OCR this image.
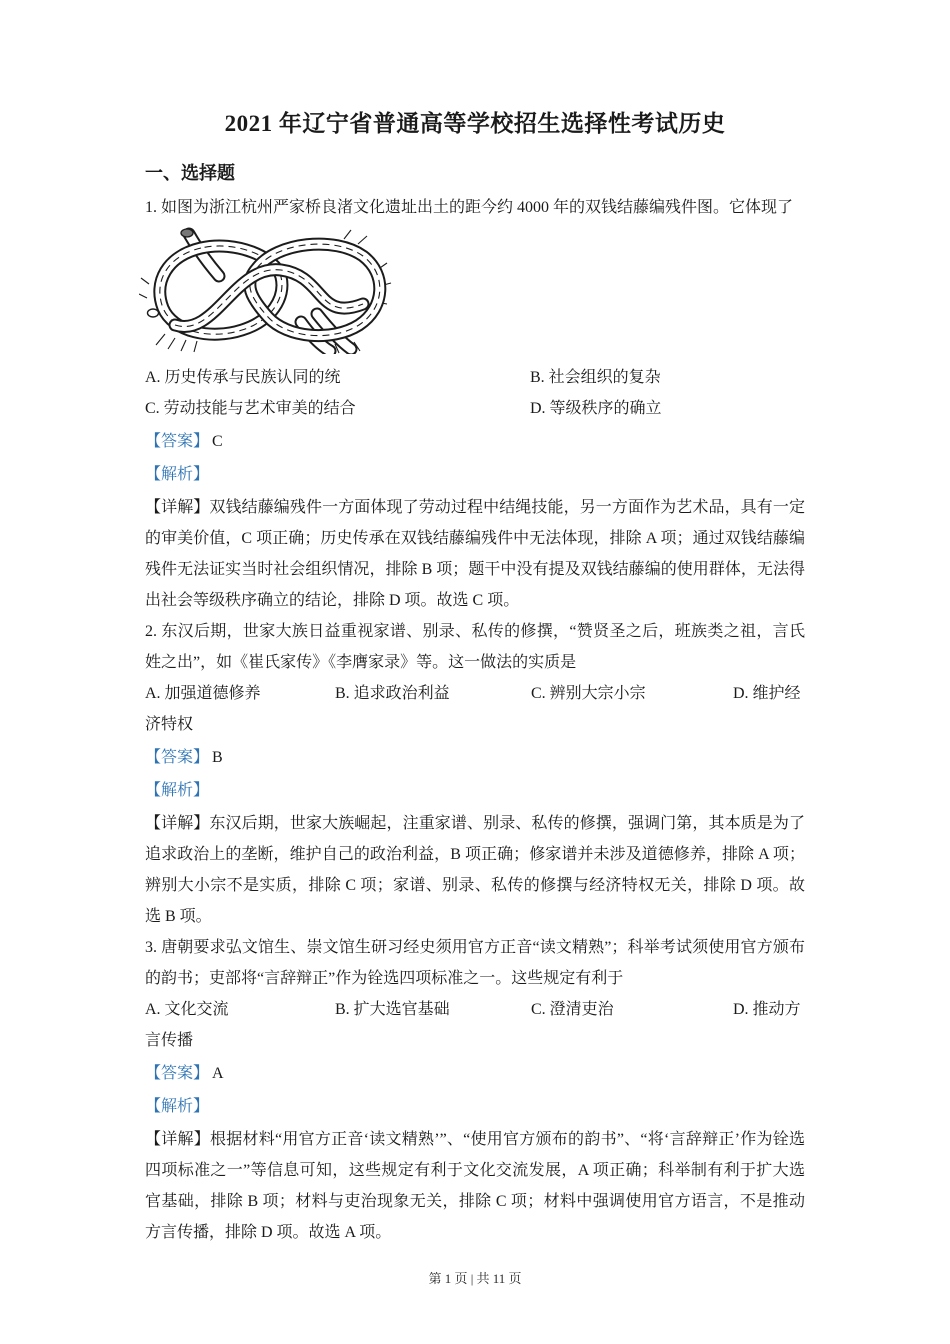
2021 年辽宁省普通高等学校招生选择性考试历史
一、选择题

1. 如图为浙江杭州严家桥良渚文化遗址出土的距今约 4000 年的双钱结藤编残件图。它体现了

A. 历史传承与民族认同的统	B. 社会组织的复杂

C. 劳动技能与艺术审美的结合	D. 等级秩序的确立

【答案】 C

【解析】

【详解】双钱结藤编残件一方面体现了劳动过程中结绳技能，另一方面作为艺术品，具有一定的审美价值，C 项正确；历史传承在双钱结藤编残件中无法体现，排除 A 项；通过双钱结藤编残件无法证实当时社会组织情况，排除 B 项；题干中没有提及双钱结藤编的使用群体，无法得出社会等级秩序确立的结论，排除 D 项。故选 C 项。

2. 东汉后期，世家大族日益重视家谱、别录、私传的修撰，“赞贤圣之后，班族类之祖，言氏姓之出”，如《崔氏家传》《李膺家录》等。这一做法的实质是

A. 加强道德修养	B. 追求政治利益	C. 辨别大宗小宗	D. 维护经济特权

【答案】 B

【解析】

【详解】东汉后期，世家大族崛起，注重家谱、别录、私传的修撰，强调门第，其本质是为了追求政治上的垄断，维护自己的政治利益，B 项正确；修家谱并未涉及道德修养，排除 A 项；辨别大小宗不是实质，排除 C 项；家谱、别录、私传的修撰与经济特权无关，排除 D 项。故选 B 项。

3. 唐朝要求弘文馆生、崇文馆生研习经史须用官方正音“读文精熟”；科举考试须使用官方颁布的韵书；吏部将“言辞辩正”作为铨选四项标准之一。这些规定有利于

A. 文化交流	B. 扩大选官基础	C. 澄清吏治	D. 推动方言传播

【答案】 A

【解析】

【详解】根据材料“用官方正音‘读文精熟’”、“使用官方颁布的韵书”、“将‘言辞辩正’作为铨选四项标准之一”等信息可知，这些规定有利于文化交流发展，A 项正确；科举制有利于扩大选官基础，排除 B 项；材料与吏治现象无关，排除 C 项；材料中强调使用官方语言，不是推动方言传播，排除 D 项。故选 A 项。

第 1 页 | 共 11 页
